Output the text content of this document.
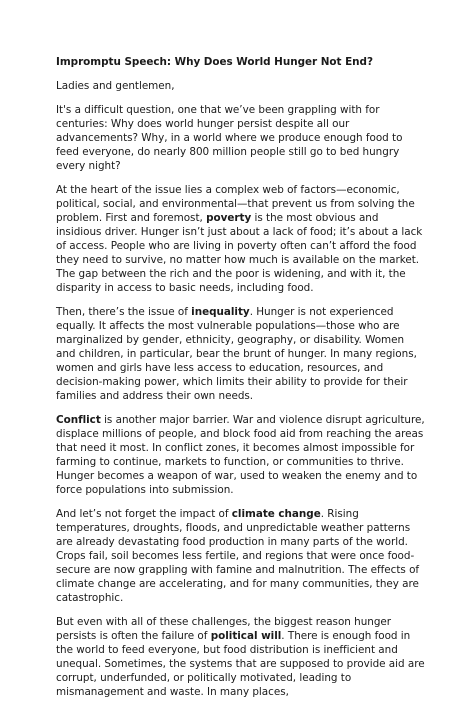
Impromptu Speech: Why Does World Hunger Not End?

Ladies and gentlemen,

It's a difficult question, one that we’ve been grappling with for centuries: Why does world hunger persist despite all our advancements? Why, in a world where we produce enough food to feed everyone, do nearly 800 million people still go to bed hungry every night?

At the heart of the issue lies a complex web of factors—economic, political, social, and environmental—that prevent us from solving the problem. First and foremost, poverty is the most obvious and insidious driver. Hunger isn’t just about a lack of food; it’s about a lack of access. People who are living in poverty often can’t afford the food they need to survive, no matter how much is available on the market. The gap between the rich and the poor is widening, and with it, the disparity in access to basic needs, including food.

Then, there’s the issue of inequality. Hunger is not experienced equally. It affects the most vulnerable populations—those who are marginalized by gender, ethnicity, geography, or disability. Women and children, in particular, bear the brunt of hunger. In many regions, women and girls have less access to education, resources, and decision-making power, which limits their ability to provide for their families and address their own needs.

Conflict is another major barrier. War and violence disrupt agriculture, displace millions of people, and block food aid from reaching the areas that need it most. In conflict zones, it becomes almost impossible for farming to continue, markets to function, or communities to thrive. Hunger becomes a weapon of war, used to weaken the enemy and to force populations into submission.

And let’s not forget the impact of climate change. Rising temperatures, droughts, floods, and unpredictable weather patterns are already devastating food production in many parts of the world. Crops fail, soil becomes less fertile, and regions that were once food-secure are now grappling with famine and malnutrition. The effects of climate change are accelerating, and for many communities, they are catastrophic.

But even with all of these challenges, the biggest reason hunger persists is often the failure of political will. There is enough food in the world to feed everyone, but food distribution is inefficient and unequal. Sometimes, the systems that are supposed to provide aid are corrupt, underfunded, or politically motivated, leading to mismanagement and waste. In many places,
